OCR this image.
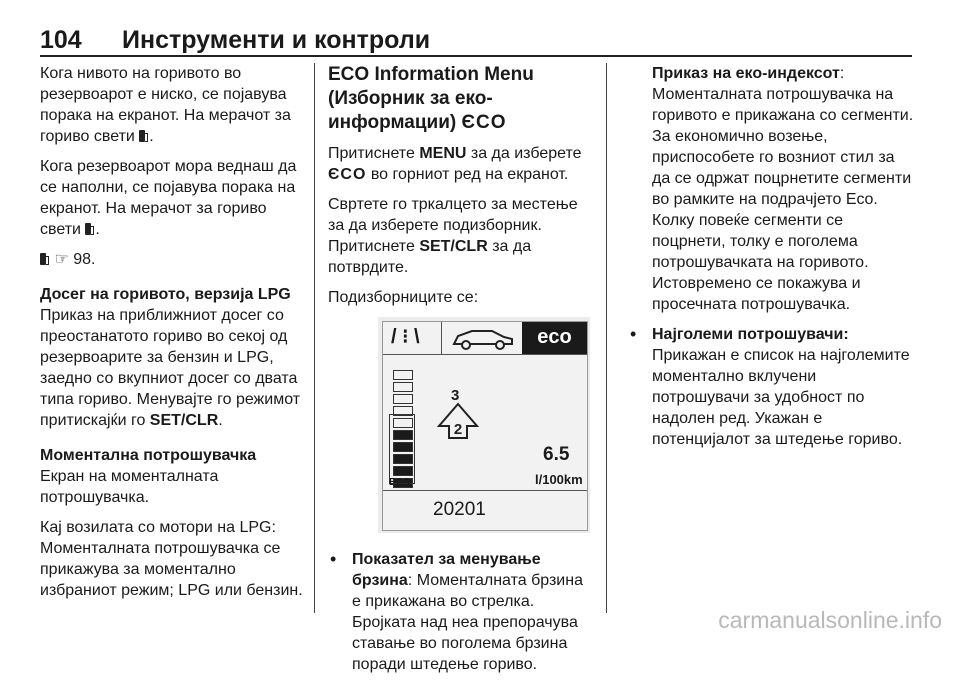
104 Инструменти и контроли

Кога нивото на горивото во резервоарот е ниско, се појавува порака на екранот. На мерачот за гориво свети .

Кога резервоарот мора веднаш да се наполни, се појавува порака на екранот. На мерачот за гориво свети .

☞ 98.

Досег на горивото, верзија LPG
Приказ на приближниот досег со преостанатото гориво во секој од резервоарите за бензин и LPG, заедно со вкупниот досег со двата типа гориво. Менувајте го режимот притискајќи го SET/CLR.

Моментална потрошувачка
Екран на моменталната потрошувачка.

Кај возилата со мотори на LPG: Моменталната потрошувачка се прикажува за моментално избраниот режим; LPG или бензин.

ECO Information Menu
(Изборник за еко-
информации) ЄCO

Притиснете MENU за да изберете ЄCO во горниот ред на екранот.

Свртете го тркалцето за местење за да изберете подизборник. Притиснете SET/CLR за да потврдите.

Подизборниците се:

/ ⁝ \	eco
ECO
3
2
6.5
l/100km
20201

• Показател за менување брзина: Моменталната брзина е прикажана во стрелка. Бројката над неа препорачува ставање во поголема брзина поради штедење гориво.

Приказ на еко-индексот: Моменталната потрошувачка на горивото е прикажана со сегменти. За економично возење, приспособете го возниот стил за да се одржат поцрнетите сегменти во рамките на подрачјето Eco. Колку повеќе сегменти се поцрнети, толку е поголема потрошувачката на горивото. Истовремено се покажува и просечната потрошувачка.

• Најголеми потрошувачи:
Прикажан е список на најголемите моментално вклучени потрошувачи за удобност по надолен ред. Укажан е потенцијалот за штедење гориво.

carmanualsonline.info
